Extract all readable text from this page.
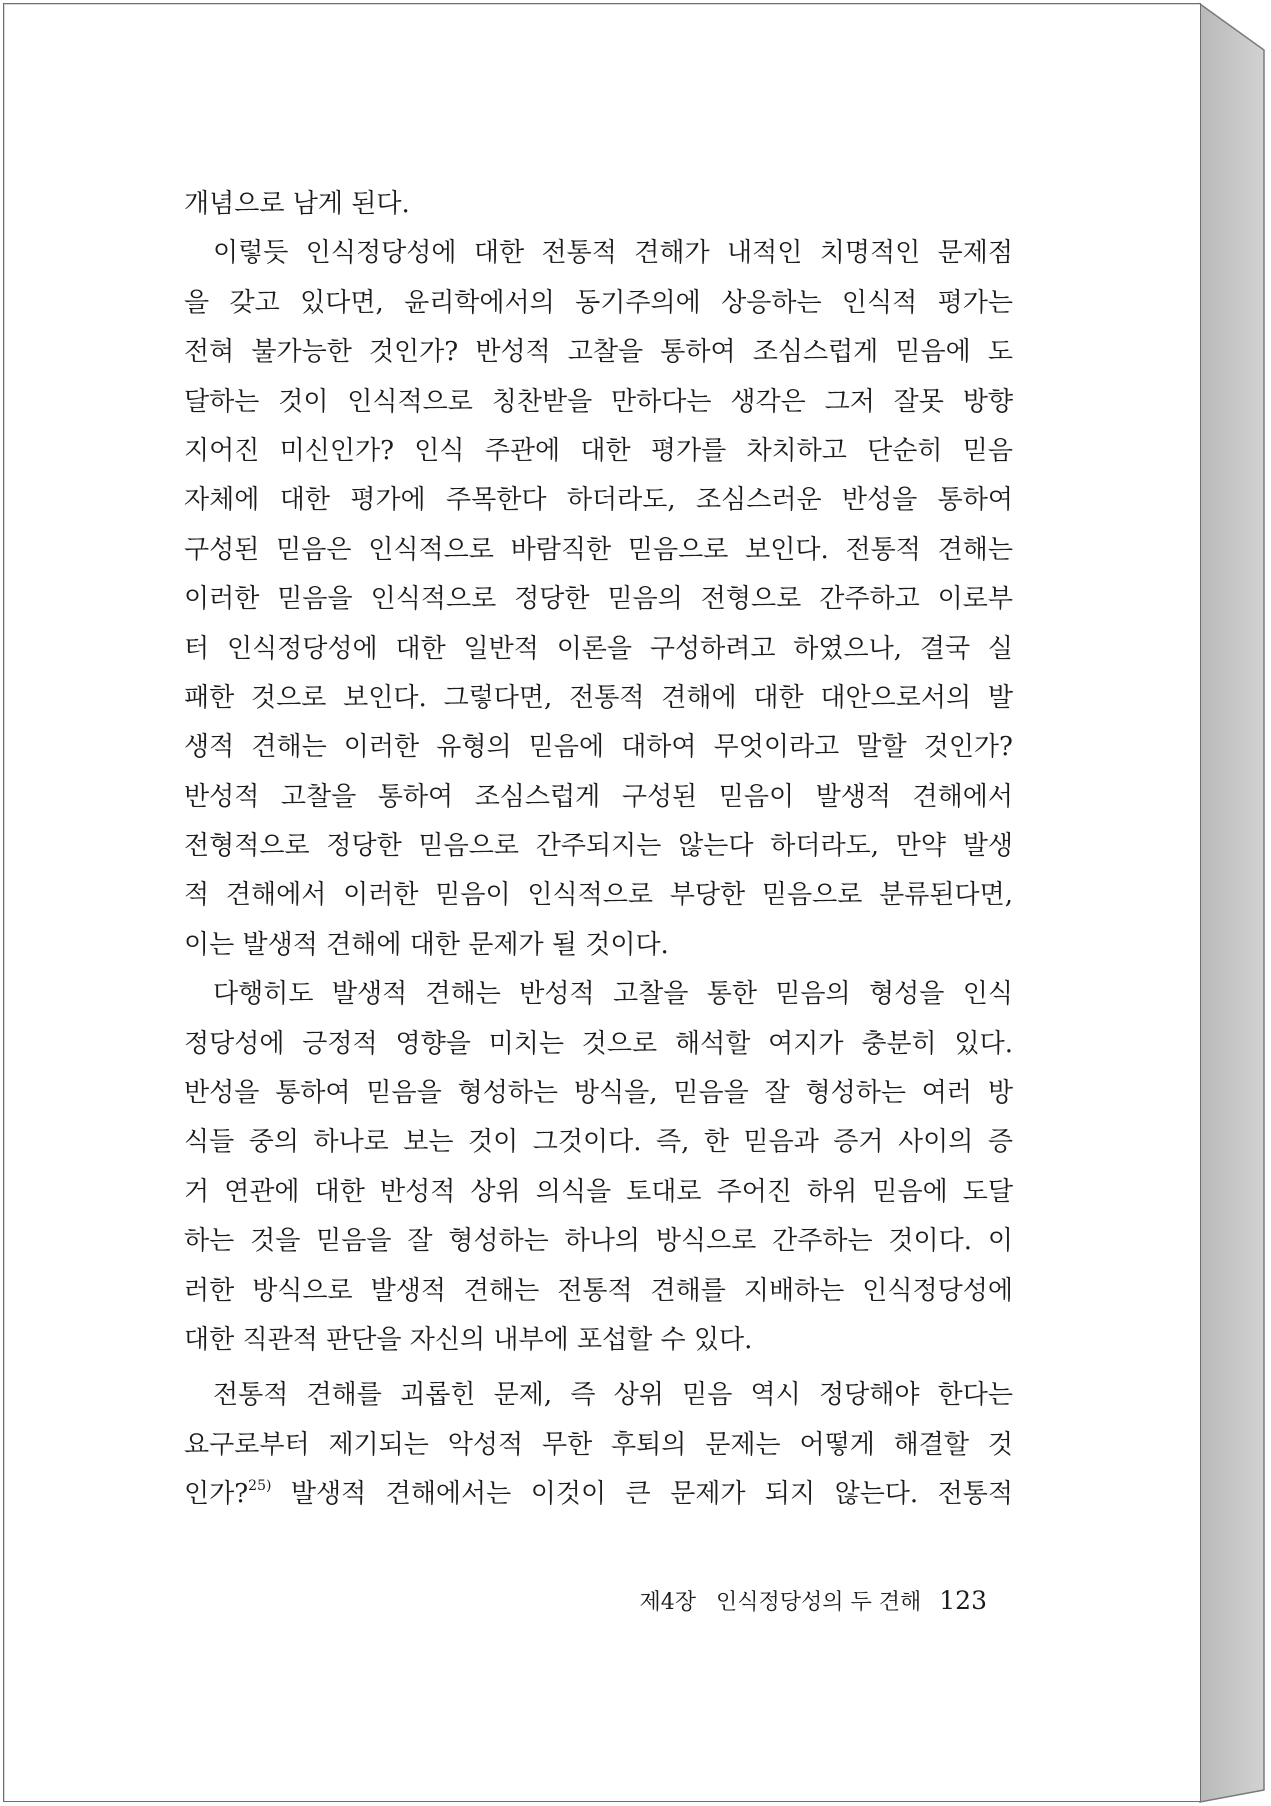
개념으로 남게 된다.
이렇듯 인식정당성에 대한 전통적 견해가 내적인 치명적인 문제점
을 갖고 있다면, 윤리학에서의 동기주의에 상응하는 인식적 평가는
전혀 불가능한 것인가? 반성적 고찰을 통하여 조심스럽게 믿음에 도
달하는 것이 인식적으로 칭찬받을 만하다는 생각은 그저 잘못 방향
지어진 미신인가? 인식 주관에 대한 평가를 차치하고 단순히 믿음
자체에 대한 평가에 주목한다 하더라도, 조심스러운 반성을 통하여
구성된 믿음은 인식적으로 바람직한 믿음으로 보인다. 전통적 견해는
이러한 믿음을 인식적으로 정당한 믿음의 전형으로 간주하고 이로부
터 인식정당성에 대한 일반적 이론을 구성하려고 하였으나, 결국 실
패한 것으로 보인다. 그렇다면, 전통적 견해에 대한 대안으로서의 발
생적 견해는 이러한 유형의 믿음에 대하여 무엇이라고 말할 것인가?
반성적 고찰을 통하여 조심스럽게 구성된 믿음이 발생적 견해에서
전형적으로 정당한 믿음으로 간주되지는 않는다 하더라도, 만약 발생
적 견해에서 이러한 믿음이 인식적으로 부당한 믿음으로 분류된다면,
이는 발생적 견해에 대한 문제가 될 것이다.
다행히도 발생적 견해는 반성적 고찰을 통한 믿음의 형성을 인식
정당성에 긍정적 영향을 미치는 것으로 해석할 여지가 충분히 있다.
반성을 통하여 믿음을 형성하는 방식을, 믿음을 잘 형성하는 여러 방
식들 중의 하나로 보는 것이 그것이다. 즉, 한 믿음과 증거 사이의 증
거 연관에 대한 반성적 상위 의식을 토대로 주어진 하위 믿음에 도달
하는 것을 믿음을 잘 형성하는 하나의 방식으로 간주하는 것이다. 이
러한 방식으로 발생적 견해는 전통적 견해를 지배하는 인식정당성에
대한 직관적 판단을 자신의 내부에 포섭할 수 있다.
전통적 견해를 괴롭힌 문제, 즉 상위 믿음 역시 정당해야 한다는
요구로부터 제기되는 악성적 무한 후퇴의 문제는 어떻게 해결할 것
인가?$^{25)}$ 발생적 견해에서는 이것이 큰 문제가 되지 않는다. 전통적
제4장 인식정당성의 두 견해 123
